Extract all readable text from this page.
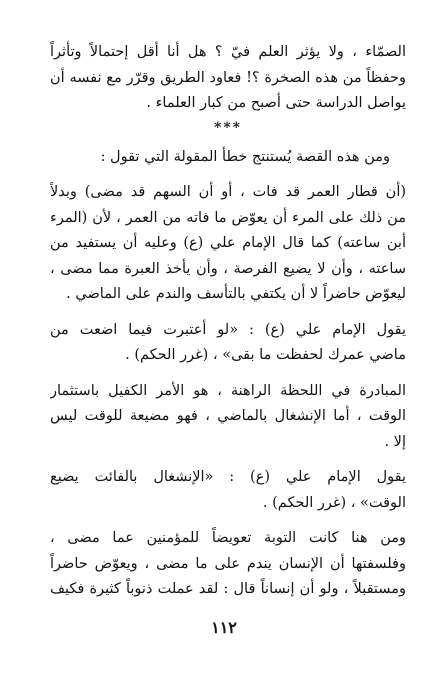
الصمّاء ، ولا يؤثر العلم فيّ ؟ هل أنا أقل إحتمالاً وتأثراً
وحفظاً من هذه الصخرة ؟! فعاود الطريق وقرّر مع نفسه أن
يواصل الدراسة حتى أصبح من كبار العلماء .
***
ومن هذه القصة يُستنتج خطأ المقولة التي تقول :
(أن قطار العمر قد فات ، أو أن السهم قد مضى) وبدلاً
من ذلك على المرء أن يعوّض ما فاته من العمر ، لأن (المرء
أبن ساعته) كما قال الإمام علي (ع) وعليه أن يستفيد من
ساعته ، وأن لا يضيع الفرصة ، وأن يأخذ العبرة مما مضى ،
ليعوّض حاضراً لا أن يكتفي بالتأسف والندم على الماضي .
يقول الإمام علي (ع) : «لو أعتبرت فيما اضعت من
ماضي عمرك لحفظت ما بقى» ، (غرر الحكم) .
المبادرة في اللحظة الراهنة ، هو الأمر الكفيل باستثمار
الوقت ، أما الإنشغال بالماضي ، فهو مضيعة للوقت ليس
إلا .
يقول الإمام علي (ع) : «الإنشغال بالفائت يضيع
الوقت» ، (غرر الحكم) .
ومن هنا كانت التوبة تعويضاً للمؤمنين عما مضى ،
وفلسفتها أن الإنسان يندم على ما مضى ، ويعوّض حاضراً
ومستقبلاً ، ولو أن إنساناً قال : لقد عملت ذنوباً كثيرة فكيف
١١٢
